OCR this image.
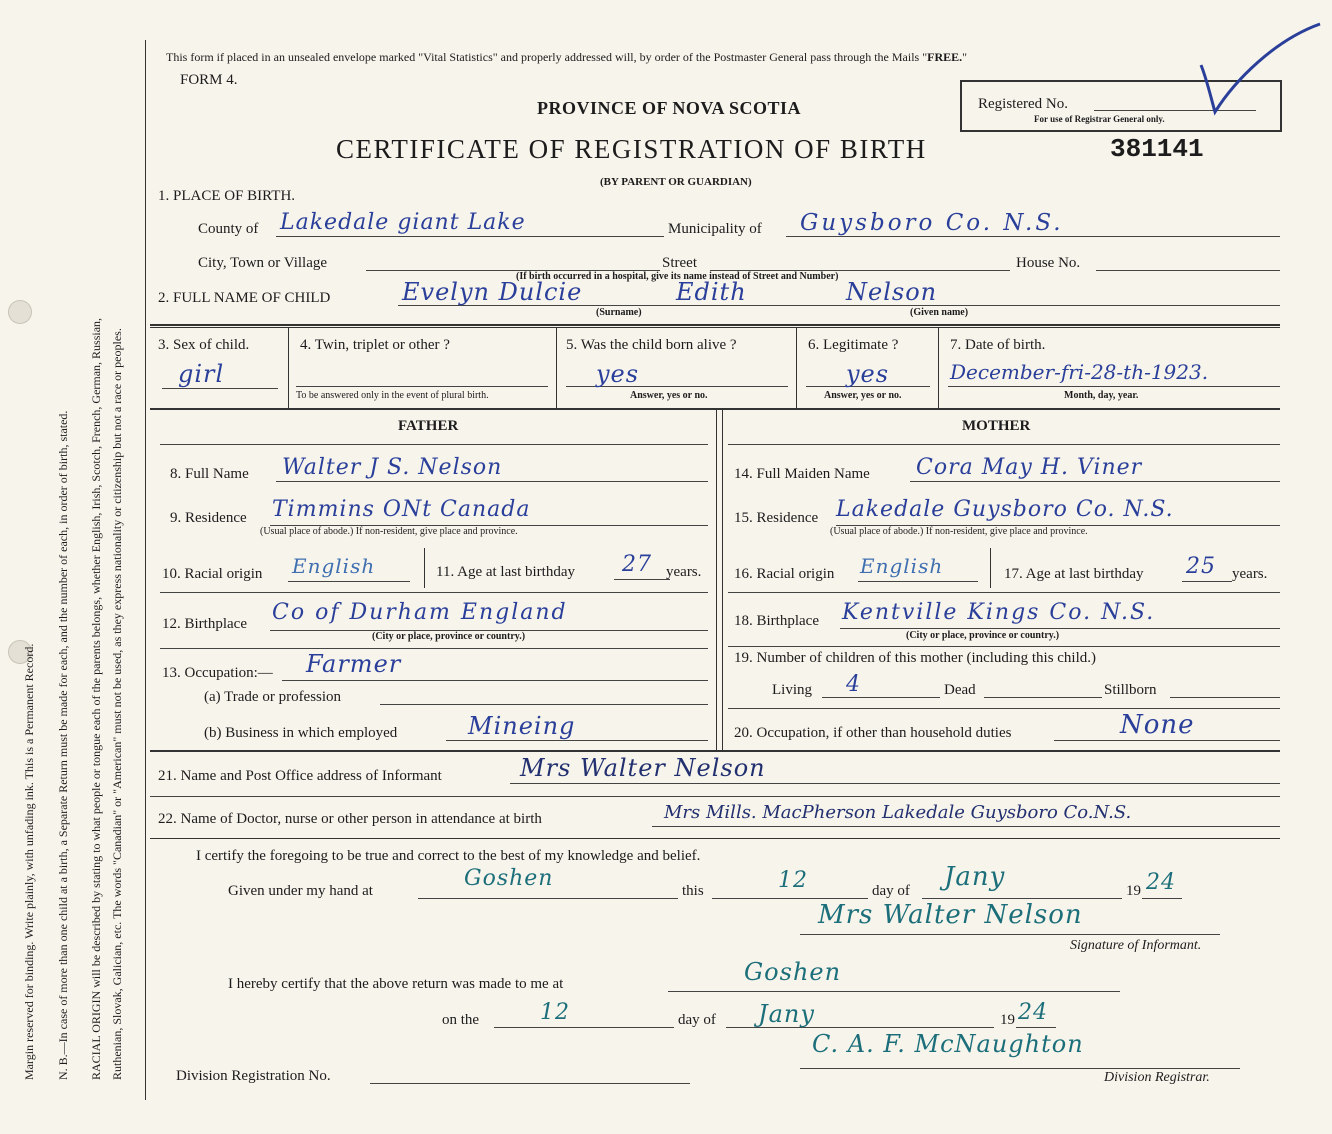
Margin reserved for binding. Write plainly, with unfading ink. This is a Permanent Record. N. B.—In case of more than one child at a birth, a Separate Return must be made for each, and the number of each, in order of birth, stated. RACIAL ORIGIN will be described by stating to what people or tongue each of the parents belongs, whether English, Irish, Scotch, French, German, Russian, Ruthenian, Slovak, Galician, etc. The words "Canadian" or "American" must not be used, as they express nationality or citizenship but not a race or peoples.
This form if placed in an unsealed envelope marked "Vital Statistics" and properly addressed will, by order of the Postmaster General pass through the Mails "FREE."
FORM 4.
PROVINCE OF NOVA SCOTIA
CERTIFICATE OF REGISTRATION OF BIRTH	381141
(BY PARENT OR GUARDIAN)
Registered No.
For use of Registrar General only.
1. PLACE OF BIRTH.
County of Lakedale giant Lake	Municipality of Guysboro Co. N.S.
City, Town or Village	Street	House No.
(If birth occurred in a hospital, give its name instead of Street and Number)
2. FULL NAME OF CHILD	Evelyn Dulcie	Edith	Nelson
(Surname)	(Given name)
3. Sex of child.
girl
4. Twin, triplet or other ?
To be answered only in the event of plural birth.
5. Was the child born alive ?
yes
Answer, yes or no.
6. Legitimate ?
yes
Answer, yes or no.
7. Date of birth.
December-fri-28-th-1923.
Month, day, year.
FATHER	MOTHER
8. Full Name Walter J S. Nelson
9. Residence Timmins ONt Canada
(Usual place of abode.) If non-resident, give place and province.
10. Racial origin English	11. Age at last birthday 27 years.
12. Birthplace Co of Durham England
(City or place, province or country.)
13. Occupation:— Farmer
(a) Trade or profession
(b) Business in which employed	Mineing
14. Full Maiden Name Cora May H. Viner
15. Residence Lakedale Guysboro Co. N.S.
(Usual place of abode.) If non-resident, give place and province.
16. Racial origin English	17. Age at last birthday 25 years.
18. Birthplace Kentville Kings Co. N.S.
(City or place, province or country.)
19. Number of children of this mother (including this child.)
Living 4	Dead	Stillborn
20. Occupation, if other than household duties	None
21. Name and Post Office address of Informant	Mrs Walter Nelson
22. Name of Doctor, nurse or other person in attendance at birth	Mrs Mills. MacPherson Lakedale Guysboro Co.N.S.
I certify the foregoing to be true and correct to the best of my knowledge and belief.
Given under my hand at	Goshen	this	12	day of Jany	19 24
Mrs Walter Nelson
Signature of Informant.
I hereby certify that the above return was made to me at	Goshen
on the	12	day of Jany	19 24
C. A. F. McNaughton
Division Registration No.	Division Registrar.
